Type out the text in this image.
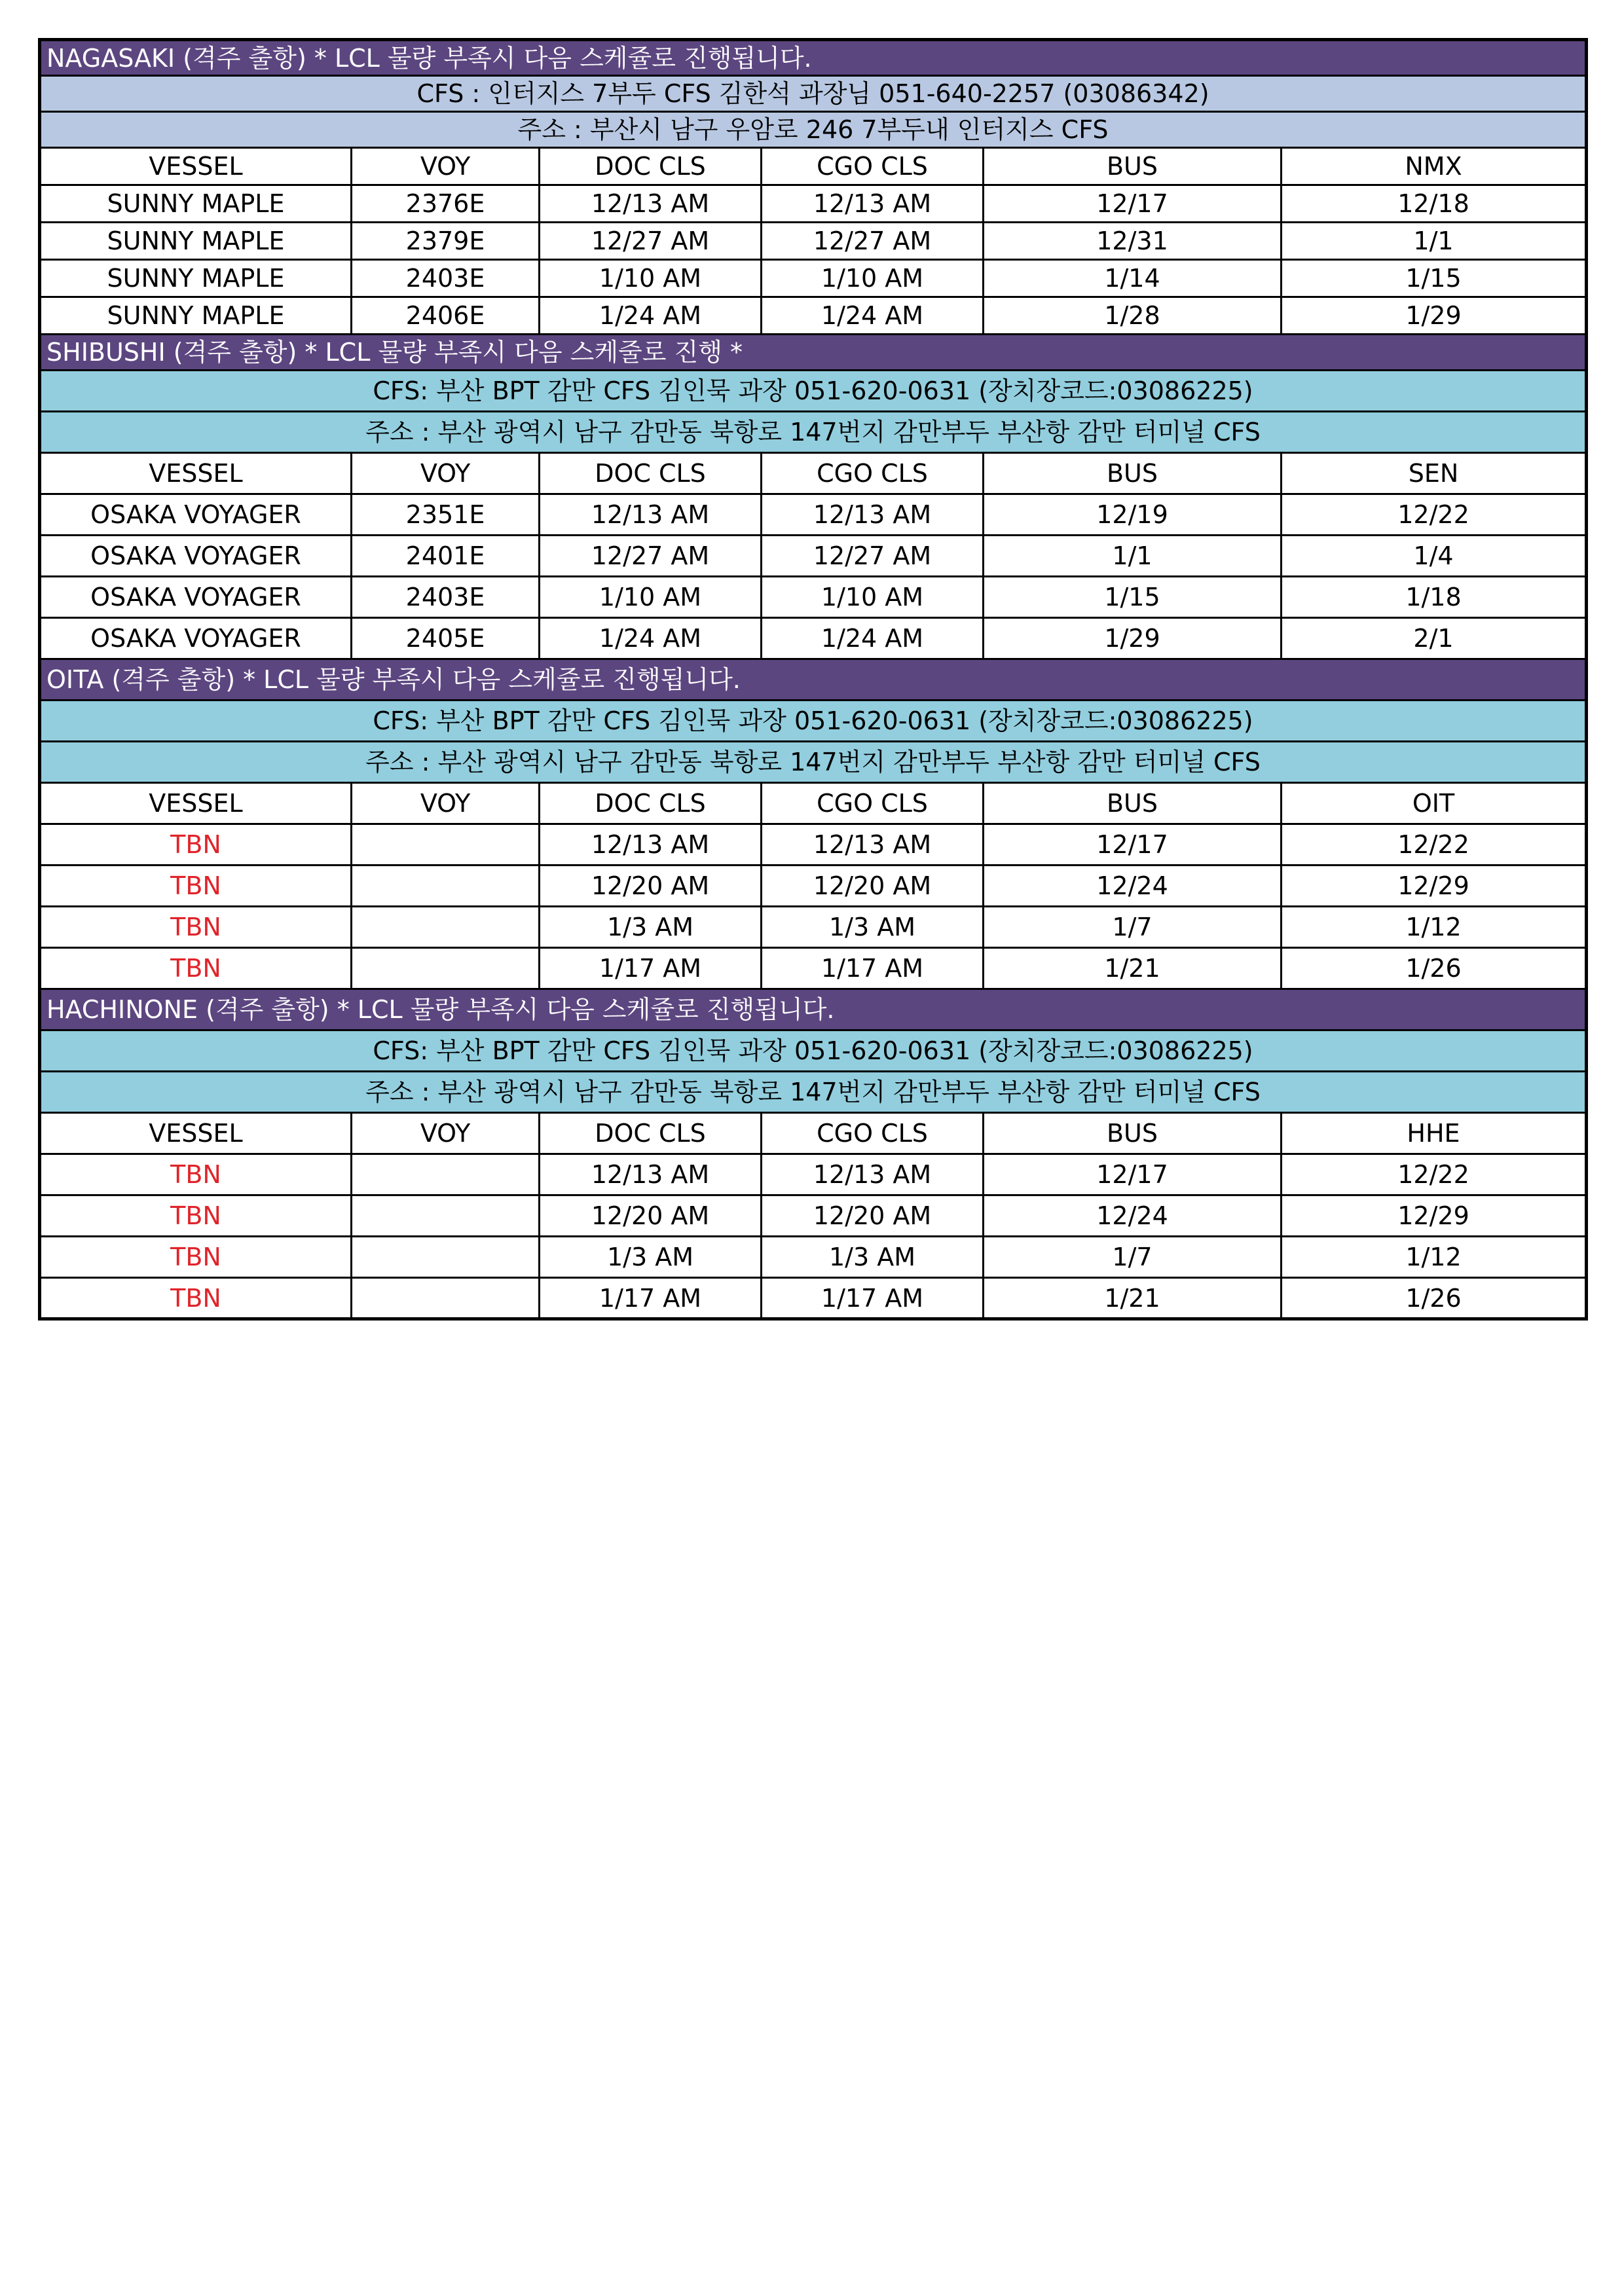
NAGASAKI (격주 출항) * LCL 물량 부족시 다음 스케쥴로 진행됩니다.					
CFS : 인터지스 7부두 CFS 김한석 과장님 051-640-2257 (03086342)					
주소 : 부산시 남구 우암로 246 7부두내 인터지스 CFS					
VESSEL	VOY	DOC CLS	CGO CLS	BUS	NMX
SUNNY MAPLE	2376E	12/13 AM	12/13 AM	12/17	12/18
SUNNY MAPLE	2379E	12/27 AM	12/27 AM	12/31	1/1
SUNNY MAPLE	2403E	1/10 AM	1/10 AM	1/14	1/15
SUNNY MAPLE	2406E	1/24 AM	1/24 AM	1/28	1/29
SHIBUSHI (격주 출항) * LCL 물량 부족시 다음 스케줄로 진행 *					
CFS: 부산 BPT 감만 CFS 김인묵 과장 051-620-0631 (장치장코드:03086225)					
주소 : 부산 광역시 남구 감만동 북항로 147번지 감만부두 부산항 감만 터미널 CFS					
VESSEL	VOY	DOC CLS	CGO CLS	BUS	SEN
OSAKA VOYAGER	2351E	12/13 AM	12/13 AM	12/19	12/22
OSAKA VOYAGER	2401E	12/27 AM	12/27 AM	1/1	1/4
OSAKA VOYAGER	2403E	1/10 AM	1/10 AM	1/15	1/18
OSAKA VOYAGER	2405E	1/24 AM	1/24 AM	1/29	2/1
OITA (격주 출항) * LCL 물량 부족시 다음 스케쥴로 진행됩니다.					
CFS: 부산 BPT 감만 CFS 김인묵 과장 051-620-0631 (장치장코드:03086225)					
주소 : 부산 광역시 남구 감만동 북항로 147번지 감만부두 부산항 감만 터미널 CFS					
VESSEL	VOY	DOC CLS	CGO CLS	BUS	OIT
TBN		12/13 AM	12/13 AM	12/17	12/22
TBN		12/20 AM	12/20 AM	12/24	12/29
TBN		1/3 AM	1/3 AM	1/7	1/12
TBN		1/17 AM	1/17 AM	1/21	1/26
HACHINONE (격주 출항) * LCL 물량 부족시 다음 스케쥴로 진행됩니다.					
CFS: 부산 BPT 감만 CFS 김인묵 과장 051-620-0631 (장치장코드:03086225)					
주소 : 부산 광역시 남구 감만동 북항로 147번지 감만부두 부산항 감만 터미널 CFS					
VESSEL	VOY	DOC CLS	CGO CLS	BUS	HHE
TBN		12/13 AM	12/13 AM	12/17	12/22
TBN		12/20 AM	12/20 AM	12/24	12/29
TBN		1/3 AM	1/3 AM	1/7	1/12
TBN		1/17 AM	1/17 AM	1/21	1/26
